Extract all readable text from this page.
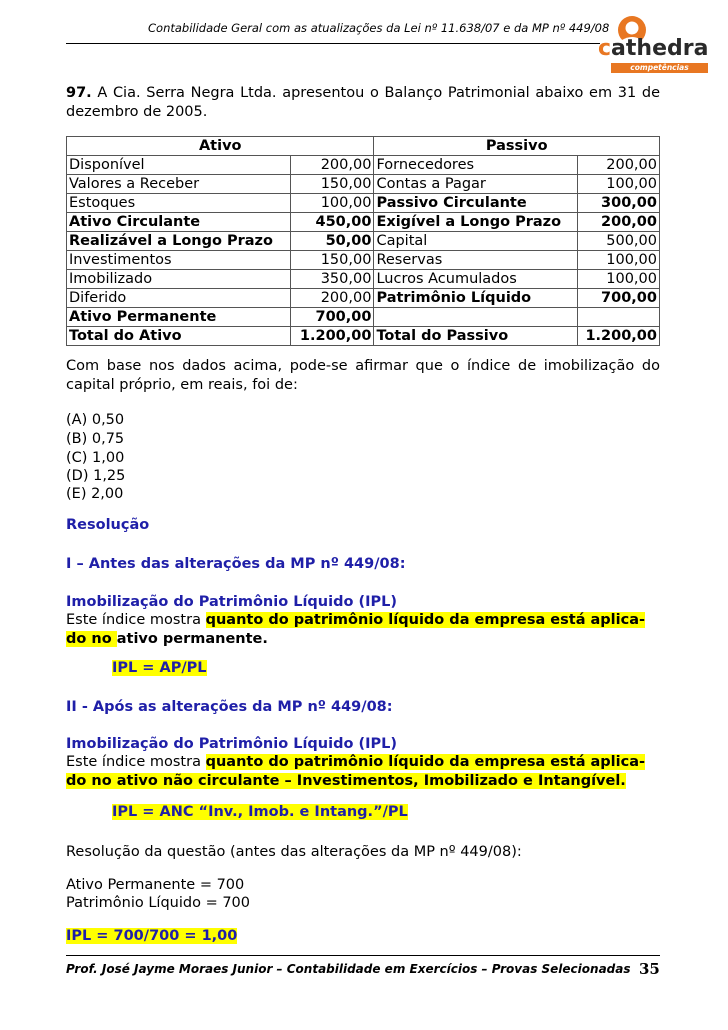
Contabilidade Geral com as atualizações da Lei nº 11.638/07 e da MP nº 449/08
cathedra
competências profissionais
97. A Cia. Serra Negra Ltda. apresentou o Balanço Patrimonial abaixo em 31 de dezembro de 2005.
Ativo		Passivo	
Disponível	200,00	Fornecedores	200,00
Valores a Receber	150,00	Contas a Pagar	100,00
Estoques	100,00	Passivo Circulante	300,00
Ativo Circulante	450,00	Exigível a Longo Prazo	200,00
Realizável a Longo Prazo	50,00	Capital	500,00
Investimentos	150,00	Reservas	100,00
Imobilizado	350,00	Lucros Acumulados	100,00
Diferido	200,00	Patrimônio Líquido	700,00
Ativo Permanente	700,00		
Total do Ativo	1.200,00	Total do Passivo	1.200,00
Com base nos dados acima, pode-se afirmar que o índice de imobilização do capital próprio, em reais, foi de:
(A) 0,50
(B) 0,75
(C) 1,00
(D) 1,25
(E) 2,00
Resolução
I – Antes das alterações da MP nº 449/08:
Imobilização do Patrimônio Líquido (IPL)
Este índice mostra quanto do patrimônio líquido da empresa está aplica-
do no ativo permanente.
IPL = AP/PL
II - Após as alterações da MP nº 449/08:
Imobilização do Patrimônio Líquido (IPL)
Este índice mostra quanto do patrimônio líquido da empresa está aplica-
do no ativo não circulante – Investimentos, Imobilizado e Intangível.
IPL = ANC “Inv., Imob. e Intang.”/PL
Resolução da questão (antes das alterações da MP nº 449/08):
Ativo Permanente = 700
Patrimônio Líquido = 700
IPL = 700/700 = 1,00
Prof. José Jayme Moraes Junior – Contabilidade em Exercícios – Provas Selecionadas 35
